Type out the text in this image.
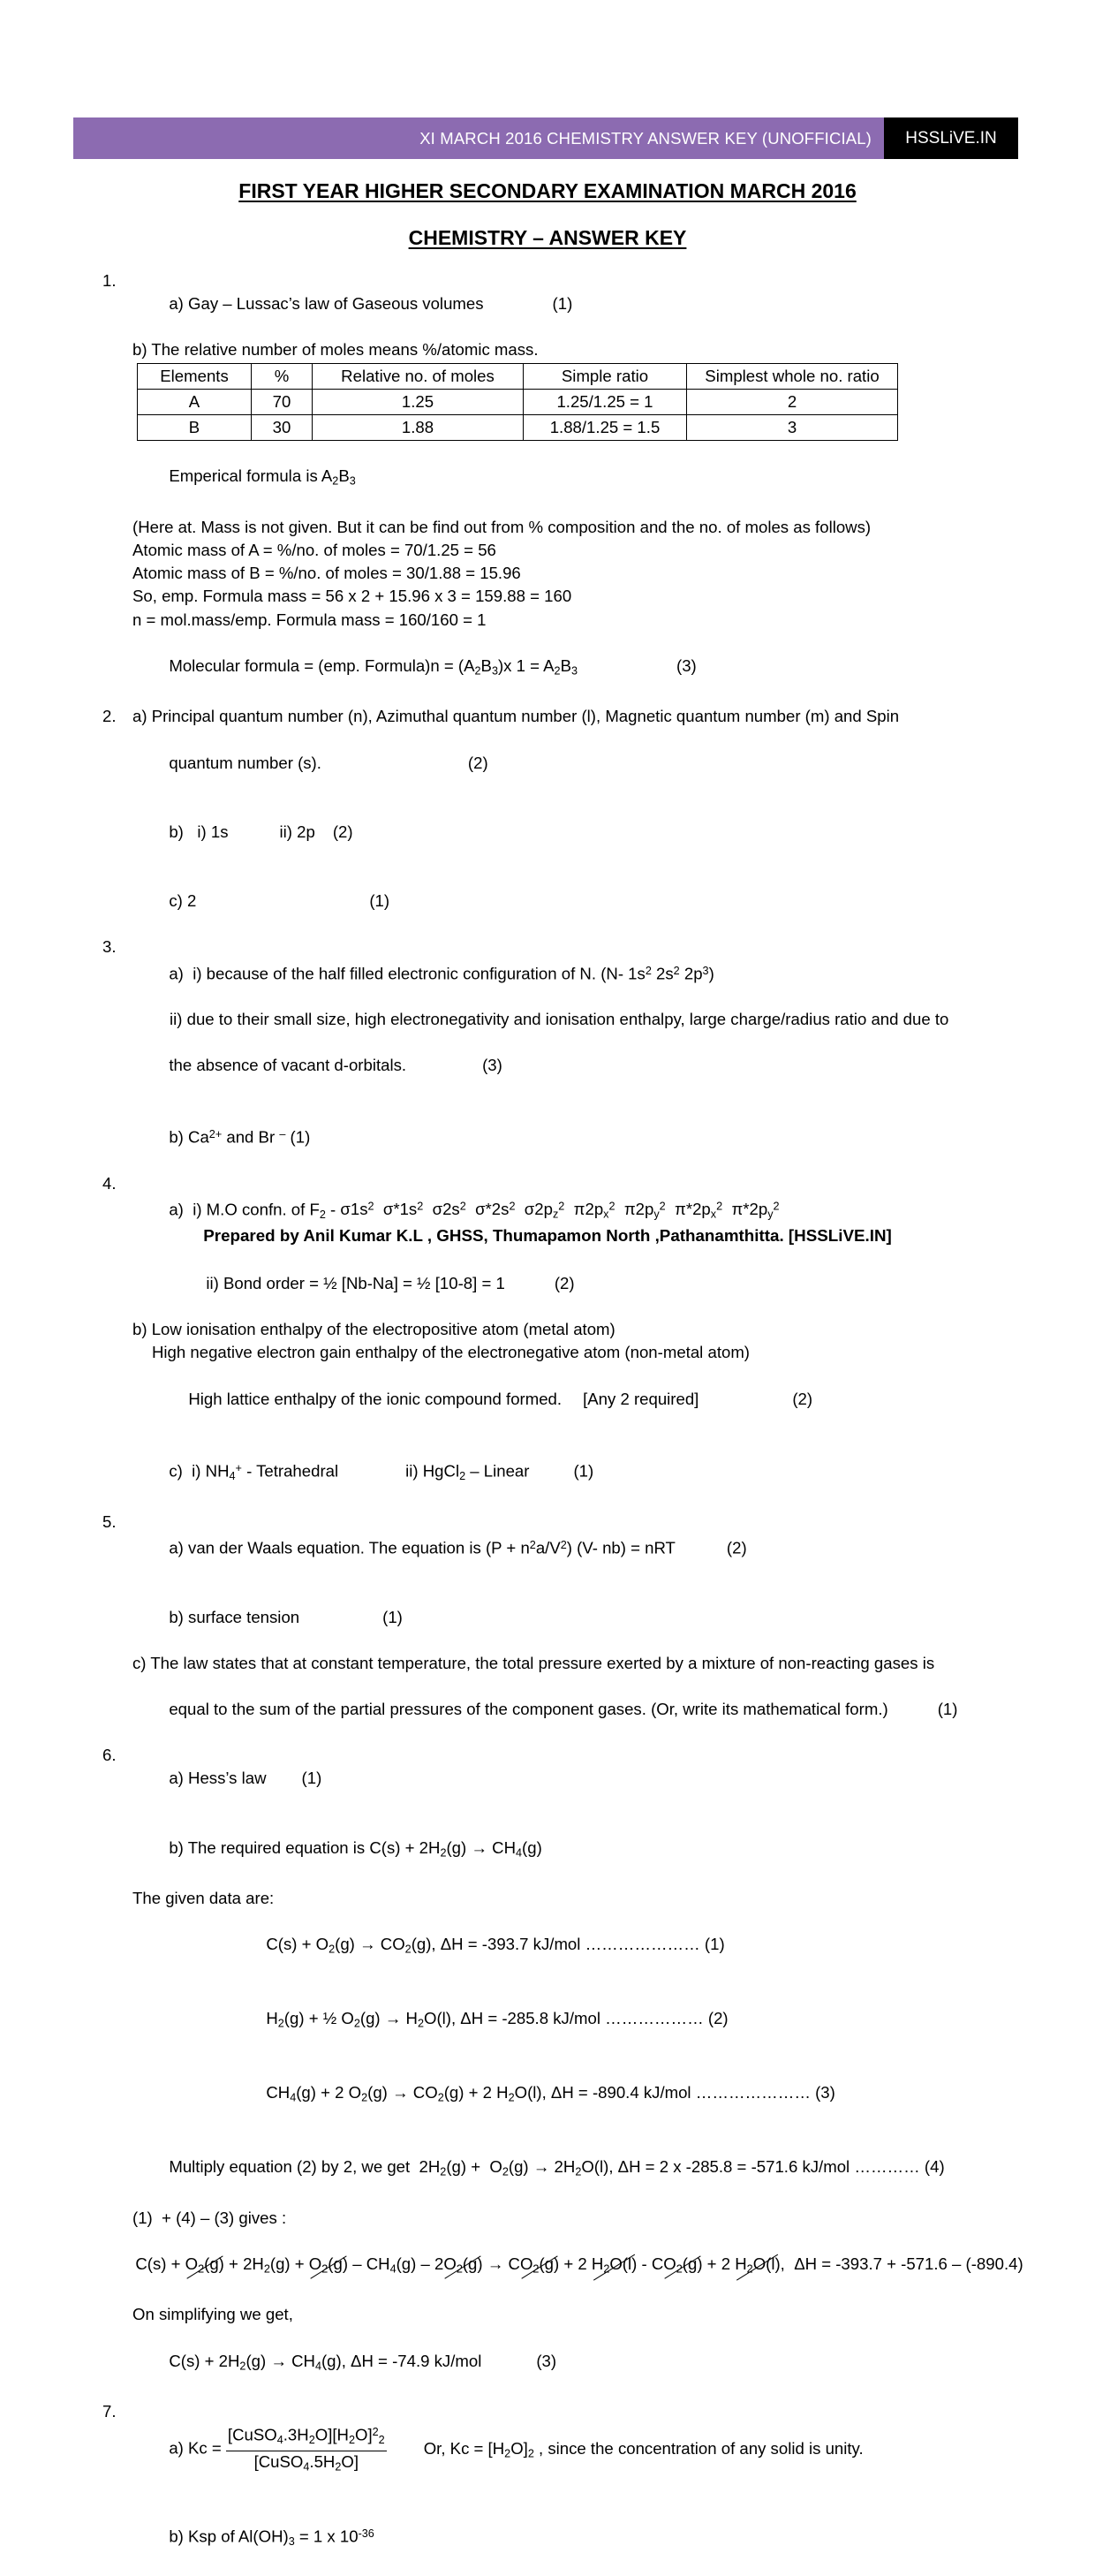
XI MARCH 2016 CHEMISTRY ANSWER KEY (UNOFFICIAL) HSSLiVE.IN
FIRST YEAR HIGHER SECONDARY EXAMINATION MARCH 2016
CHEMISTRY – ANSWER KEY
1.

a) Gay – Lussac’s law of Gaseous volumes	(1)

b) The relative number of moles means %/atomic mass.
Elements	%	Relative no. of moles	Simple ratio	Simplest whole no. ratio
A	70	1.25	1.25/1.25 = 1	2
B	30	1.88	1.88/1.25 = 1.5	3

Emperical formula is $A_2B_3$

(Here at. Mass is not given. But it can be find out from % composition and the no. of moles as follows)
Atomic mass of A = %/no. of moles = 70/1.25 = 56
Atomic mass of B = %/no. of moles = 30/1.88 = 15.96
So, emp. Formula mass = 56 x 2 + 15.96 x 3 = 159.88 = 160
n = mol.mass/emp. Formula mass = 160/160 = 1

Molecular formula = (emp. Formula)n = $(A_2B_3)x$ $1 = A_2B_3$	(3)

2. a) Principal quantum number (n), Azimuthal quantum number (l), Magnetic quantum number (m) and Spin

quantum number (s).	(2)

b)   i) 1s	ii) 2p (2)

c) 2	(1)

3.

a)  i) because of the half filled electronic configuration of N. (N- $1s^2$ $2s^2$ $2p^3$)

ii) due to their small size, high electronegativity and ionisation enthalpy, large charge/radius ratio and due to

the absence of vacant d-orbitals.	(3)

b) $Ca^{2+}$ and Br – (1)

4.

a)  i) M.O confn. of $F_2 - \sigma 1s^2$  $\sigma*1s^2$  $\sigma 2s^2$  $\sigma*2s^2$  $\sigma 2p_z^2$  $\pi 2p_x^2$  $\pi 2p_y^2$  $\pi*2p_x^2$  $\pi*2p_y^2$

ii) Bond order = ½ [Nb-Na] = ½ [10-8] = 1	(2)

b) Low ionisation enthalpy of the electropositive atom (metal atom)
High negative electron gain enthalpy of the electronegative atom (non-metal atom)

High lattice enthalpy of the ionic compound formed. [Any 2 required]	(2)

c)  i) $NH_4^+$ - Tetrahedral	ii) HgCl$_2$ – Linear	(1)

5.

a) van der Waals equation. The equation is $(P + n^2a/V^2)$ (V- nb) = nRT	(2)

b) surface tension	(1)

c) The law states that at constant temperature, the total pressure exerted by a mixture of non-reacting gases is

equal to the sum of the partial pressures of the component gases. (Or, write its mathematical form.)	(1)

6.

a) Hess’s law (1)

b) The required equation is $C(s) + 2H_2(g) \to CH_4(g)$

The given data are:

$C(s) + O_2(g) \to CO_2(g)$, ΔH = -393.7 kJ/mol ………………… (1)

$H_2(g)$ + ½ $O_2(g) \to H_2O(l)$, ΔH = -285.8 kJ/mol ……………… (2)

$CH_4(g) + 2$ $O_2(g) \to CO_2(g) + 2$ $H_2O(l)$, ΔH = -890.4 kJ/mol ………………… (3)

Multiply equation (2) by 2, we get  $2H_2(g) + O_2(g) \to 2H_2O(l)$, ΔH = 2 x -285.8 = -571.6 kJ/mol ………… (4)

(1)  + (4) – (3) gives :

$C(s) + O_2(g) + 2H_2(g) + O_2(g) - CH_4(g) - 2O_2(g) \to CO_2(g) + 2$ $H_2O(l) - CO_2(g) + 2$ $H_2O(l)$, ΔH = -393.7 + -571.6 – (-890.4)

On simplifying we get,

$C(s) + 2H_2(g) \to CH_4(g)$, ΔH = -74.9 kJ/mol	(3)

7.

a) $Kc = \frac{[CuSO_4.3H_2O][H_2O]^2_2}{[CuSO_4.5H_2O]} Or$, $Kc = [H_2O]_2$ , since the concentration of any solid is unity.

b) Ksp of $Al(OH)_3 = 1$ x $10^{-36}$

Prepared by Anil Kumar K.L , GHSS, Thumapamon North ,Pathanamthitta. [HSSLiVE.IN]
